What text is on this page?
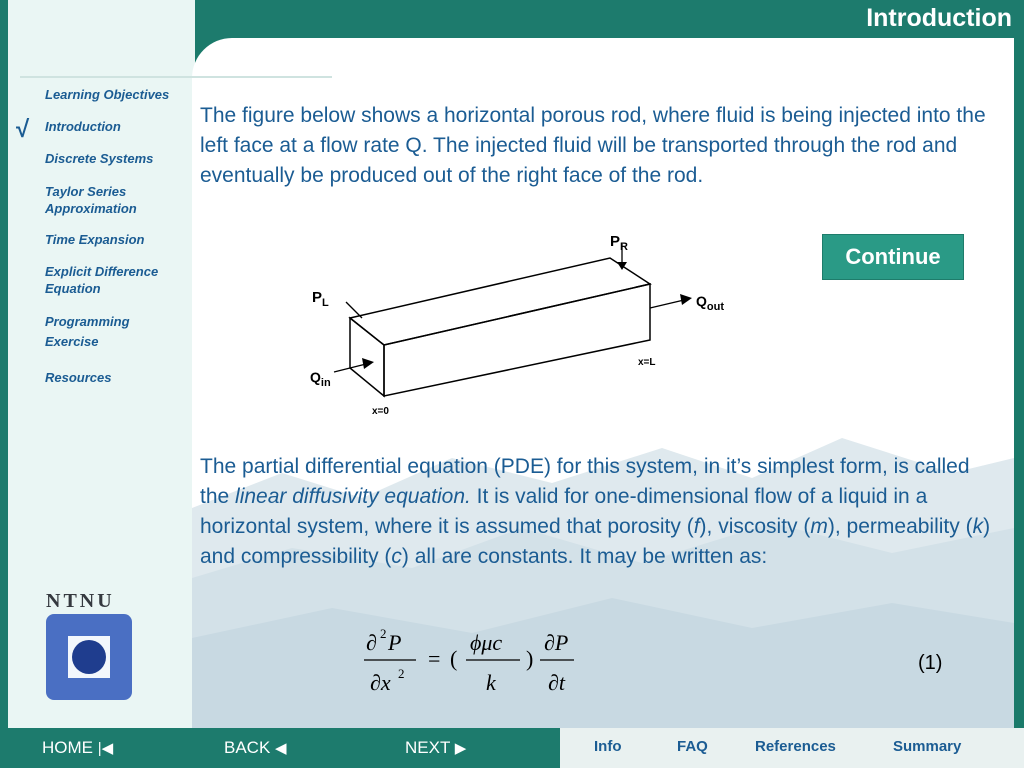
Introduction
√
Learning Objectives
Introduction
Discrete Systems
Taylor Series Approximation
Time Expansion
Explicit Difference Equation
Programming Exercise
Resources
NTNU
The figure below shows a horizontal porous rod, where fluid is being injected into the left face at a flow rate Q. The injected fluid will be transported through the rod and eventually be produced out of the right face of the rod.
Continue
$P_R$
$P_L$	$Q_{out}$
$Q_{in}$
x=0
x=L
The partial differential equation (PDE) for this system, in it’s simplest form, is called the linear diffusivity equation. It is valid for one-dimensional flow of a liquid in a horizontal system, where it is assumed that porosity (f), viscosity (m), permeability (k) and compressibility (c) all are constants. It may be written as:
∂ 2 P
∂x 2
= (
ϕμc
k
)
∂P
∂t
(1)
HOME |◀	BACK ◀	NEXT ▶	Info	FAQ	References	Summary
